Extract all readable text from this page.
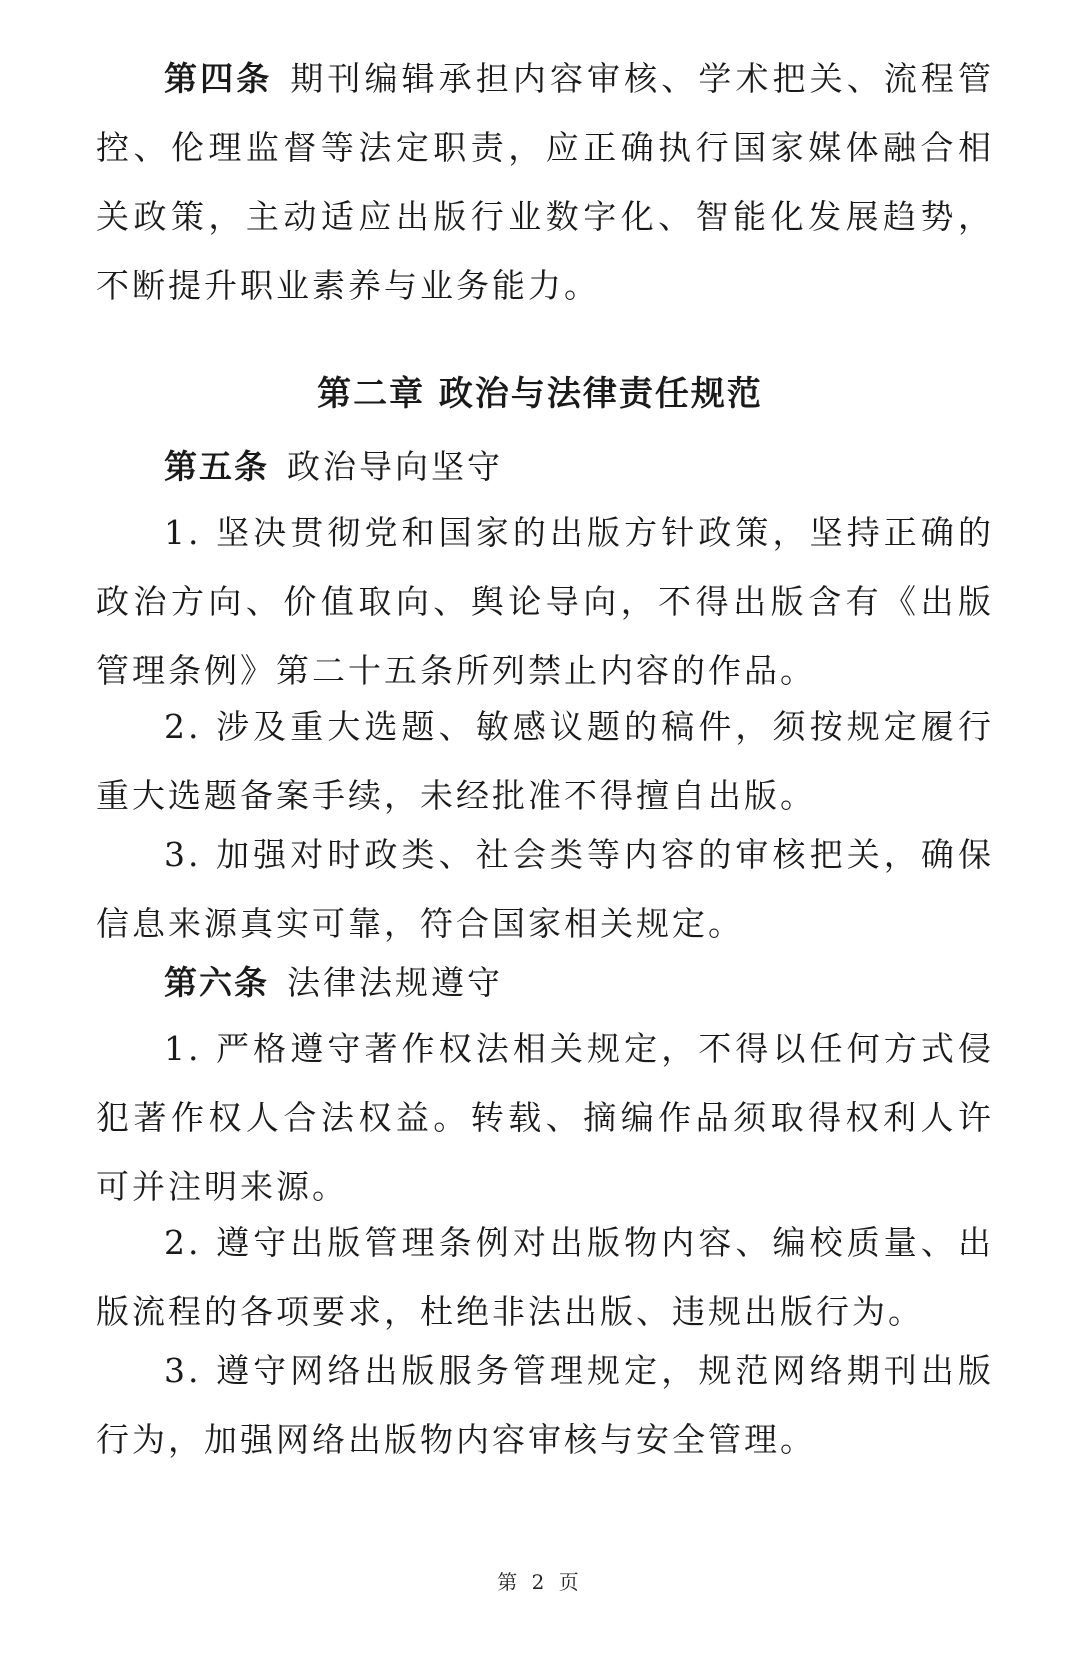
第四条 期刊编辑承担内容审核、学术把关、流程管控、伦理监督等法定职责，应正确执行国家媒体融合相关政策，主动适应出版行业数字化、智能化发展趋势，不断提升职业素养与业务能力。

第二章 政治与法律责任规范

第五条 政治导向坚守

1. 坚决贯彻党和国家的出版方针政策，坚持正确的政治方向、价值取向、舆论导向，不得出版含有《出版管理条例》第二十五条所列禁止内容的作品。

2. 涉及重大选题、敏感议题的稿件，须按规定履行重大选题备案手续，未经批准不得擅自出版。

3. 加强对时政类、社会类等内容的审核把关，确保信息来源真实可靠，符合国家相关规定。

第六条 法律法规遵守

1. 严格遵守著作权法相关规定，不得以任何方式侵犯著作权人合法权益。转载、摘编作品须取得权利人许可并注明来源。

2. 遵守出版管理条例对出版物内容、编校质量、出版流程的各项要求，杜绝非法出版、违规出版行为。

3. 遵守网络出版服务管理规定，规范网络期刊出版行为，加强网络出版物内容审核与安全管理。

第 2 页
